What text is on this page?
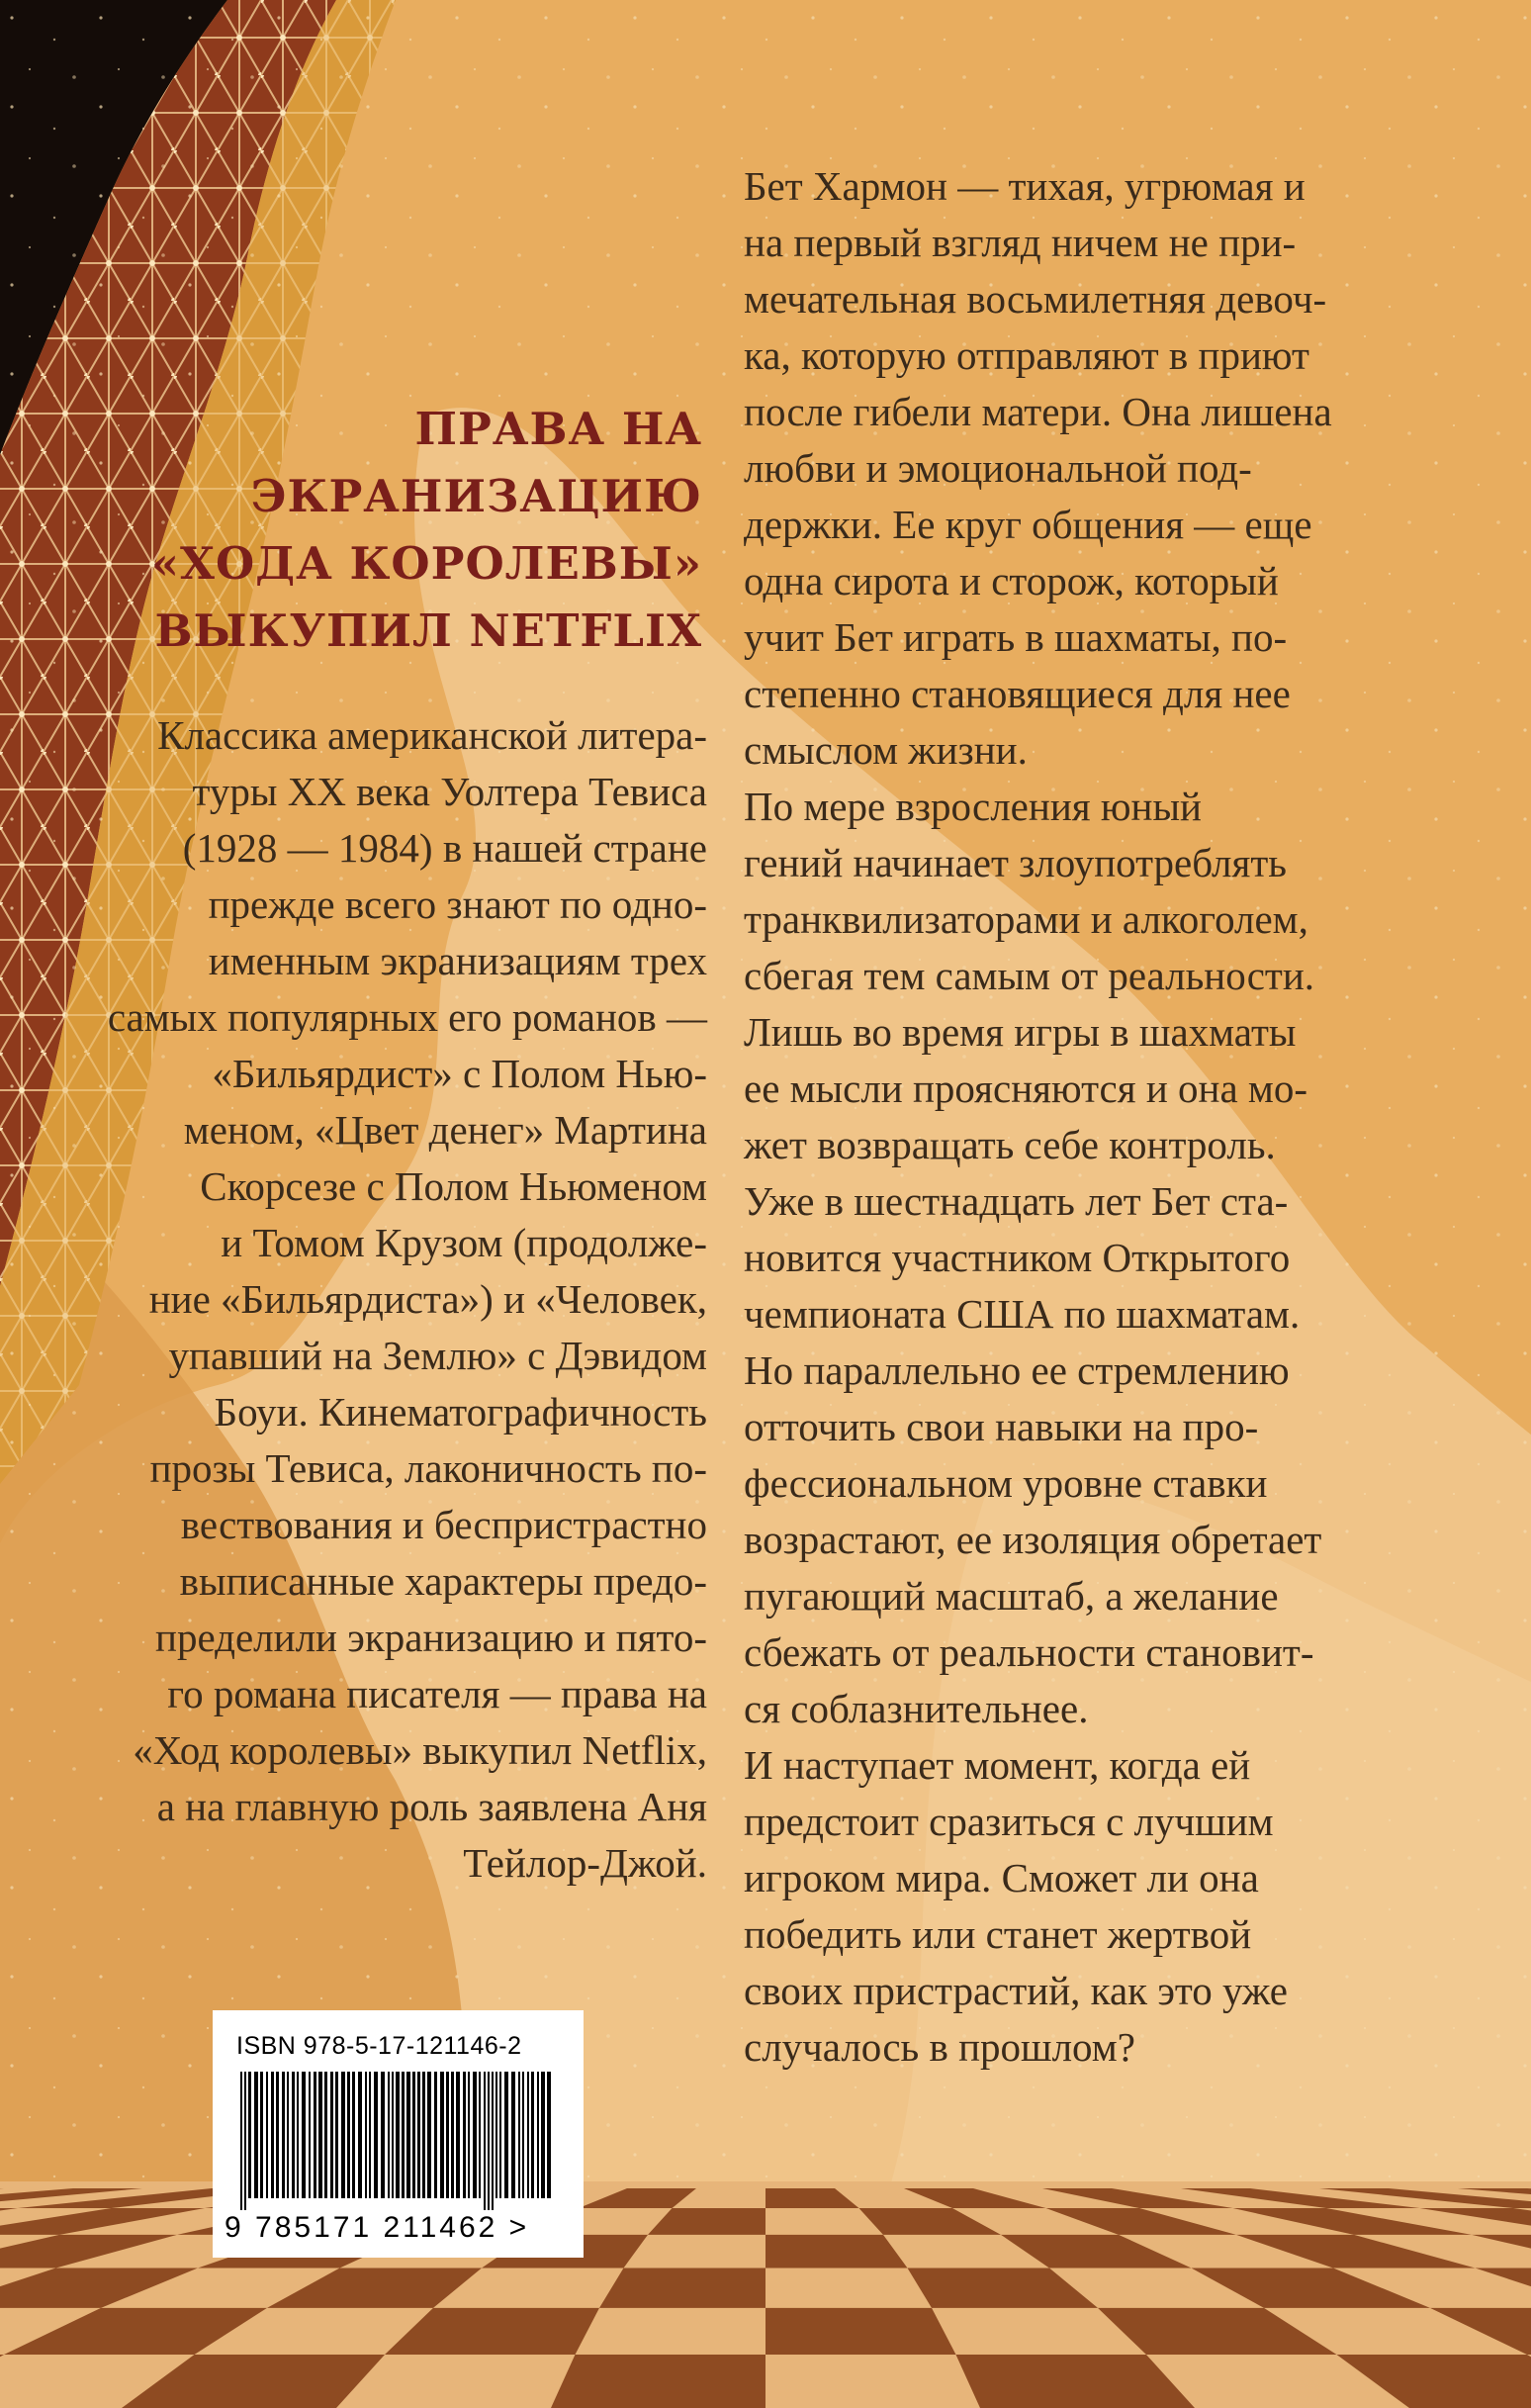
ПРАВА НА
ЭКРАНИЗАЦИЮ
«ХОДА КОРОЛЕВЫ»
ВЫКУПИЛ NETFLIX
Классика американской литера-
туры XX века Уолтера Тевиса
(1928 — 1984) в нашей стране
прежде всего знают по одно-
именным экранизациям трех
самых популярных его романов —
«Бильярдист» с Полом Нью-
меном, «Цвет денег» Мартина
Скорсезе с Полом Ньюменом
и Томом Крузом (продолже-
ние «Бильярдиста») и «Человек,
упавший на Землю» с Дэвидом
Боуи. Кинематографичность
прозы Тевиса, лаконичность по-
вествования и беспристрастно
выписанные характеры предо-
пределили экранизацию и пято-
го романа писателя — права на
«Ход королевы» выкупил Netflix,
а на главную роль заявлена Аня
Тейлор-Джой.
Бет Хармон — тихая, угрюмая и
на первый взгляд ничем не при-
мечательная восьмилетняя девоч-
ка, которую отправляют в приют
после гибели матери. Она лишена
любви и эмоциональной под-
держки. Ее круг общения — еще
одна сирота и сторож, который
учит Бет играть в шахматы, по-
степенно становящиеся для нее
смыслом жизни.
По мере взросления юный
гений начинает злоупотреблять
транквилизаторами и алкоголем,
сбегая тем самым от реальности.
Лишь во время игры в шахматы
ее мысли проясняются и она мо-
жет возвращать себе контроль.
Уже в шестнадцать лет Бет ста-
новится участником Открытого
чемпионата США по шахматам.
Но параллельно ее стремлению
отточить свои навыки на про-
фессиональном уровне ставки
возрастают, ее изоляция обретает
пугающий масштаб, а желание
сбежать от реальности становит-
ся соблазнительнее.
И наступает момент, когда ей
предстоит сразиться с лучшим
игроком мира. Сможет ли она
победить или станет жертвой
своих пристрастий, как это уже
случалось в прошлом?
ISBN 978-5-17-121146-2
9 785171 211462 >
